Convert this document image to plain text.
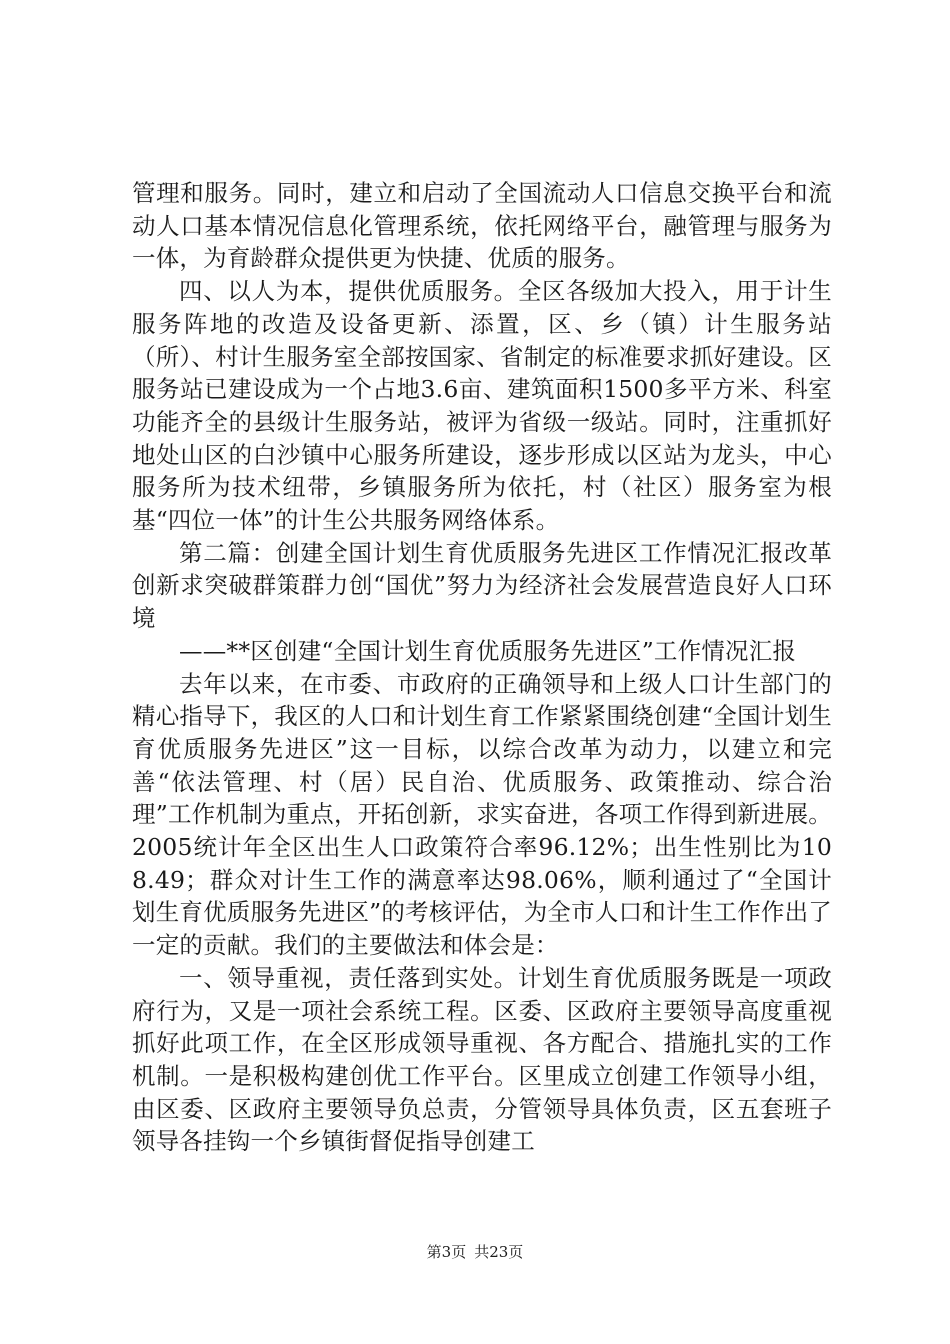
管理和服务。同时，建立和启动了全国流动人口信息交换平台和流动人口基本情况信息化管理系统，依托网络平台，融管理与服务为一体，为育龄群众提供更为快捷、优质的服务。

四、以人为本，提供优质服务。全区各级加大投入，用于计生服务阵地的改造及设备更新、添置，区、乡（镇）计生服务站（所）、村计生服务室全部按国家、省制定的标准要求抓好建设。区服务站已建设成为一个占地3.6亩、建筑面积1500多平方米、科室功能齐全的县级计生服务站，被评为省级一级站。同时，注重抓好地处山区的白沙镇中心服务所建设，逐步形成以区站为龙头，中心服务所为技术纽带，乡镇服务所为依托，村（社区）服务室为根基“四位一体”的计生公共服务网络体系。

第二篇：创建全国计划生育优质服务先进区工作情况汇报改革创新求突破群策群力创“国优”努力为经济社会发展营造良好人口环境

——**区创建“全国计划生育优质服务先进区”工作情况汇报

去年以来，在市委、市政府的正确领导和上级人口计生部门的精心指导下，我区的人口和计划生育工作紧紧围绕创建“全国计划生育优质服务先进区”这一目标，以综合改革为动力，以建立和完善“依法管理、村（居）民自治、优质服务、政策推动、综合治理”工作机制为重点，开拓创新，求实奋进，各项工作得到新进展。2005统计年全区出生人口政策符合率96.12%；出生性别比为108.49；群众对计生工作的满意率达98.06%，顺利通过了“全国计划生育优质服务先进区”的考核评估，为全市人口和计生工作作出了一定的贡献。我们的主要做法和体会是：

一、领导重视，责任落到实处。计划生育优质服务既是一项政府行为，又是一项社会系统工程。区委、区政府主要领导高度重视抓好此项工作，在全区形成领导重视、各方配合、措施扎实的工作机制。一是积极构建创优工作平台。区里成立创建工作领导小组，由区委、区政府主要领导负总责，分管领导具体负责，区五套班子领导各挂钩一个乡镇街督促指导创建工

第3页 共23页
